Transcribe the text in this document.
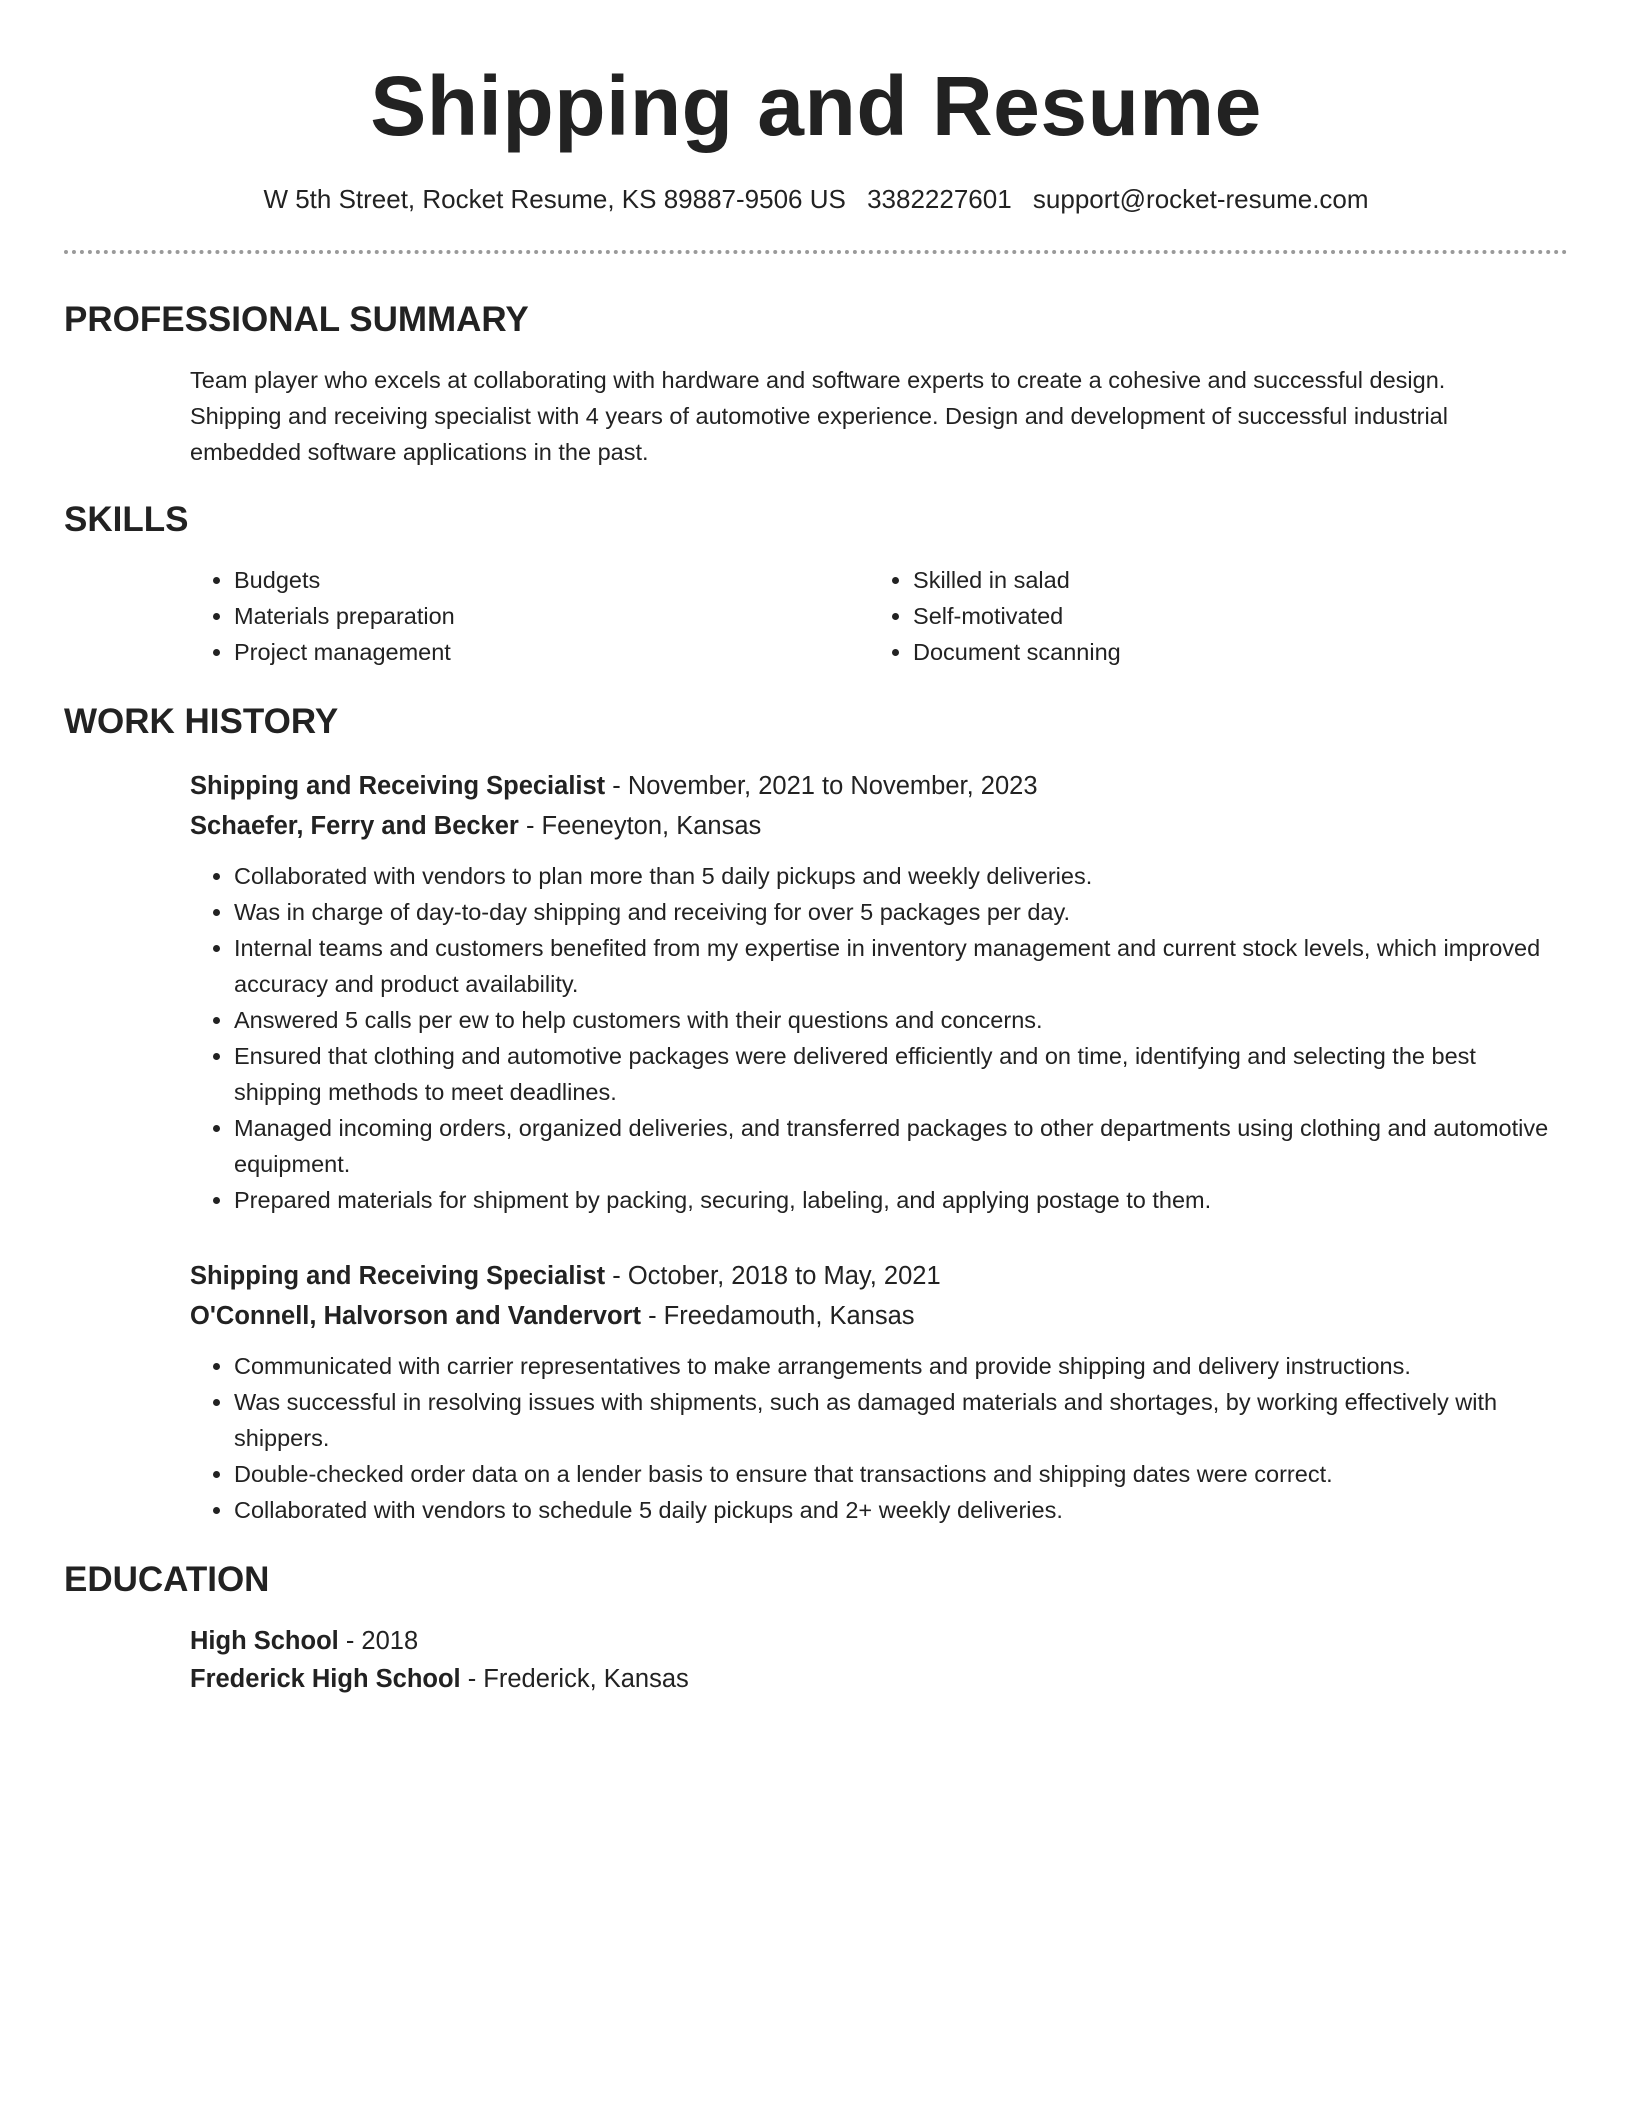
Shipping and Resume
W 5th Street, Rocket Resume, KS 89887-9506 US 3382227601 support@rocket-resume.com
PROFESSIONAL SUMMARY

Team player who excels at collaborating with hardware and software experts to create a cohesive and successful design. Shipping and receiving specialist with 4 years of automotive experience. Design and development of successful industrial embedded software applications in the past.

SKILLS
• Budgets
• Materials preparation
• Project management
• Skilled in salad
• Self-motivated
• Document scanning
WORK HISTORY
Shipping and Receiving Specialist - November, 2021 to November, 2023
Schaefer, Ferry and Becker - Feeneyton, Kansas
• Collaborated with vendors to plan more than 5 daily pickups and weekly deliveries.
• Was in charge of day-to-day shipping and receiving for over 5 packages per day.
• Internal teams and customers benefited from my expertise in inventory management and current stock levels, which improved accuracy and product availability.
• Answered 5 calls per ew to help customers with their questions and concerns.
• Ensured that clothing and automotive packages were delivered efficiently and on time, identifying and selecting the best shipping methods to meet deadlines.
• Managed incoming orders, organized deliveries, and transferred packages to other departments using clothing and automotive equipment.
• Prepared materials for shipment by packing, securing, labeling, and applying postage to them.
Shipping and Receiving Specialist - October, 2018 to May, 2021
O'Connell, Halvorson and Vandervort - Freedamouth, Kansas
• Communicated with carrier representatives to make arrangements and provide shipping and delivery instructions.
• Was successful in resolving issues with shipments, such as damaged materials and shortages, by working effectively with shippers.
• Double-checked order data on a lender basis to ensure that transactions and shipping dates were correct.
• Collaborated with vendors to schedule 5 daily pickups and 2+ weekly deliveries.
EDUCATION
High School - 2018
Frederick High School - Frederick, Kansas
